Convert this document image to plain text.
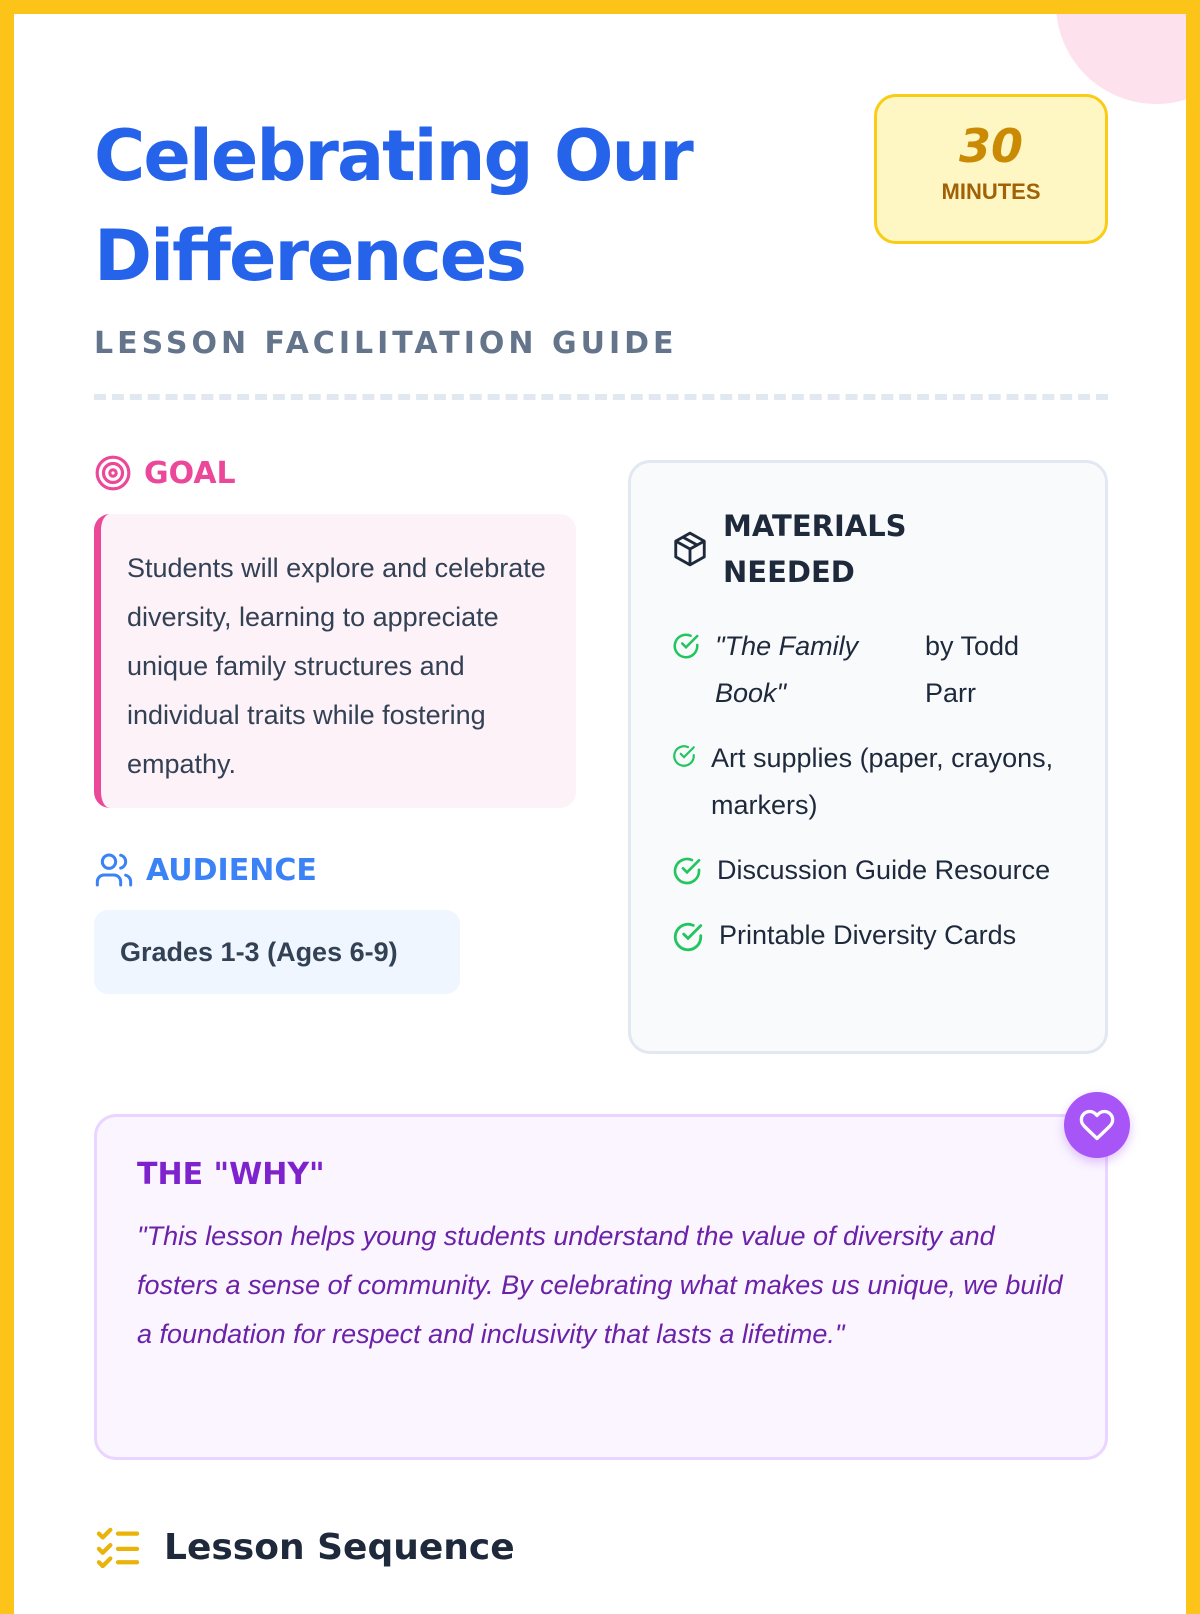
Celebrating Our Differences
LESSON FACILITATION GUIDE
30
MINUTES
GOAL
Students will explore and celebrate diversity, learning to appreciate unique family structures and individual traits while fostering empathy.
AUDIENCE
Grades 1-3 (Ages 6-9)
MATERIALS NEEDED
"The Family Book"
by Todd Parr
Art supplies (paper, crayons, markers)
Discussion Guide Resource
Printable Diversity Cards
THE "WHY"

"This lesson helps young students understand the value of diversity and fosters a sense of community. By celebrating what makes us unique, we build a foundation for respect and inclusivity that lasts a lifetime."

Lesson Sequence
